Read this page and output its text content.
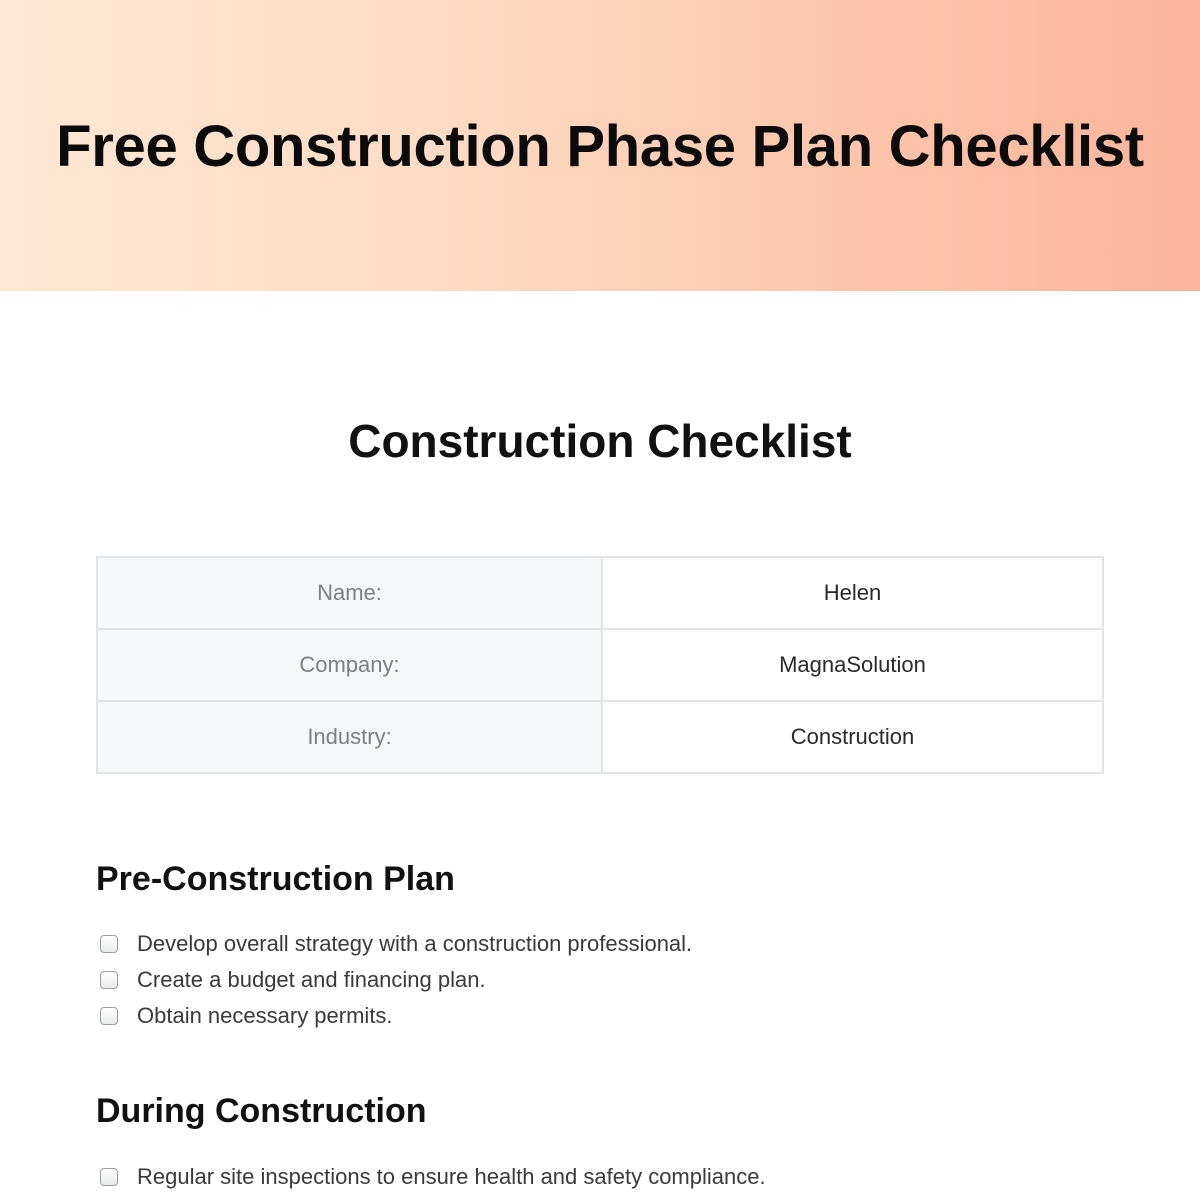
Free Construction Phase Plan Checklist
Construction Checklist
Name:	Helen
Company:	MagnaSolution
Industry:	Construction
Pre-Construction Plan
Develop overall strategy with a construction professional.
Create a budget and financing plan.
Obtain necessary permits.
During Construction
Regular site inspections to ensure health and safety compliance.
